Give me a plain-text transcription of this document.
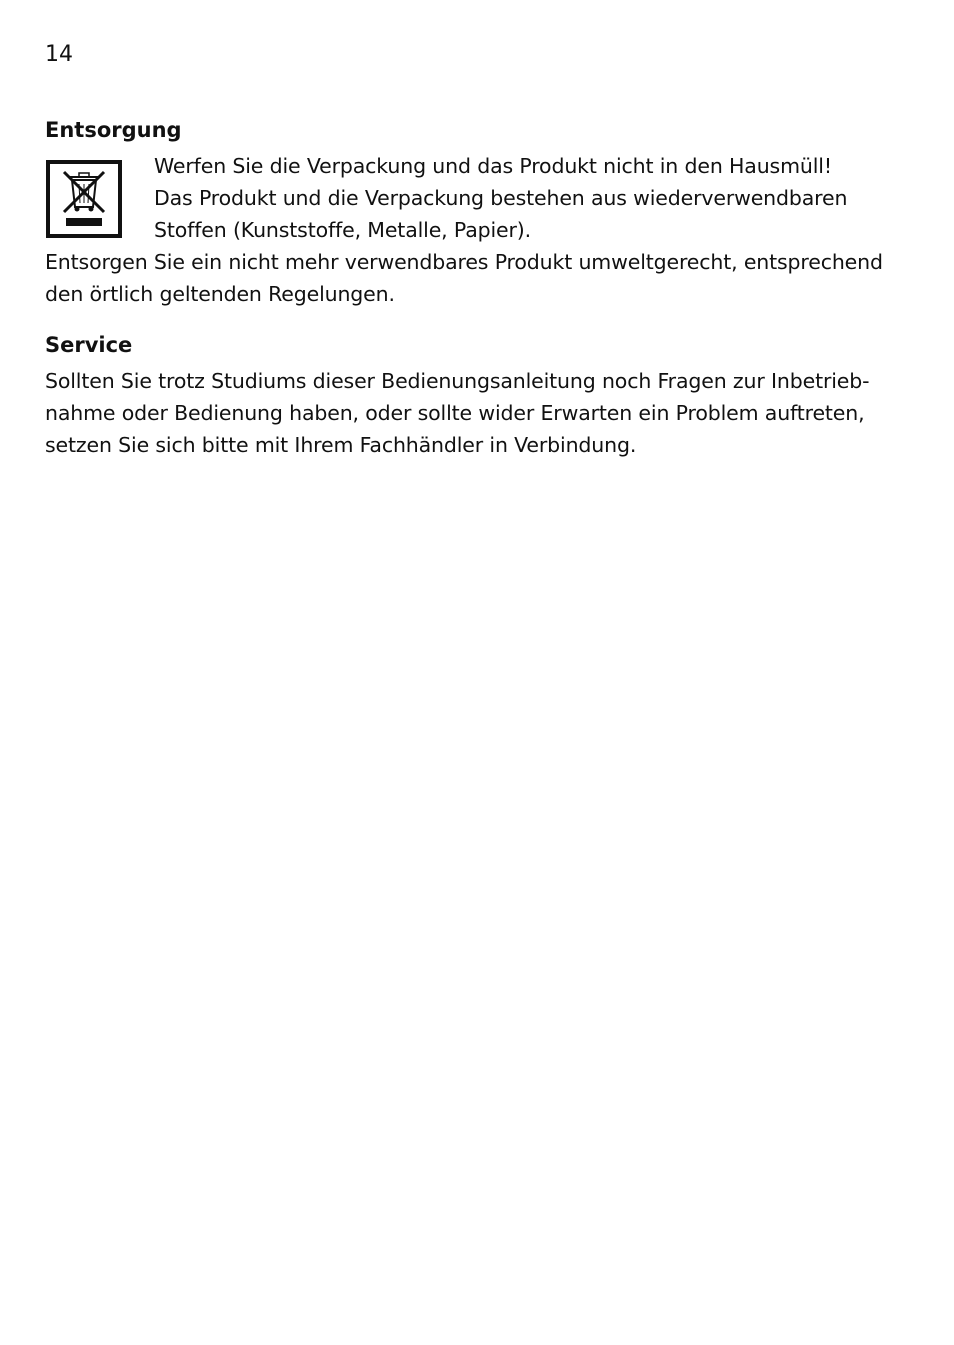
14
Entsorgung
Werfen Sie die Verpackung und das Produkt nicht in den Hausmüll!
Das Produkt und die Verpackung bestehen aus wiederverwendbaren
Stoffen (Kunststoffe, Metalle, Papier).
Entsorgen Sie ein nicht mehr verwendbares Produkt umweltgerecht, entsprechend
den örtlich geltenden Regelungen.
Service
Sollten Sie trotz Studiums dieser Bedienungsanleitung noch Fragen zur Inbetrieb-
nahme oder Bedienung haben, oder sollte wider Erwarten ein Problem auftreten,
setzen Sie sich bitte mit Ihrem Fachhändler in Verbindung.
